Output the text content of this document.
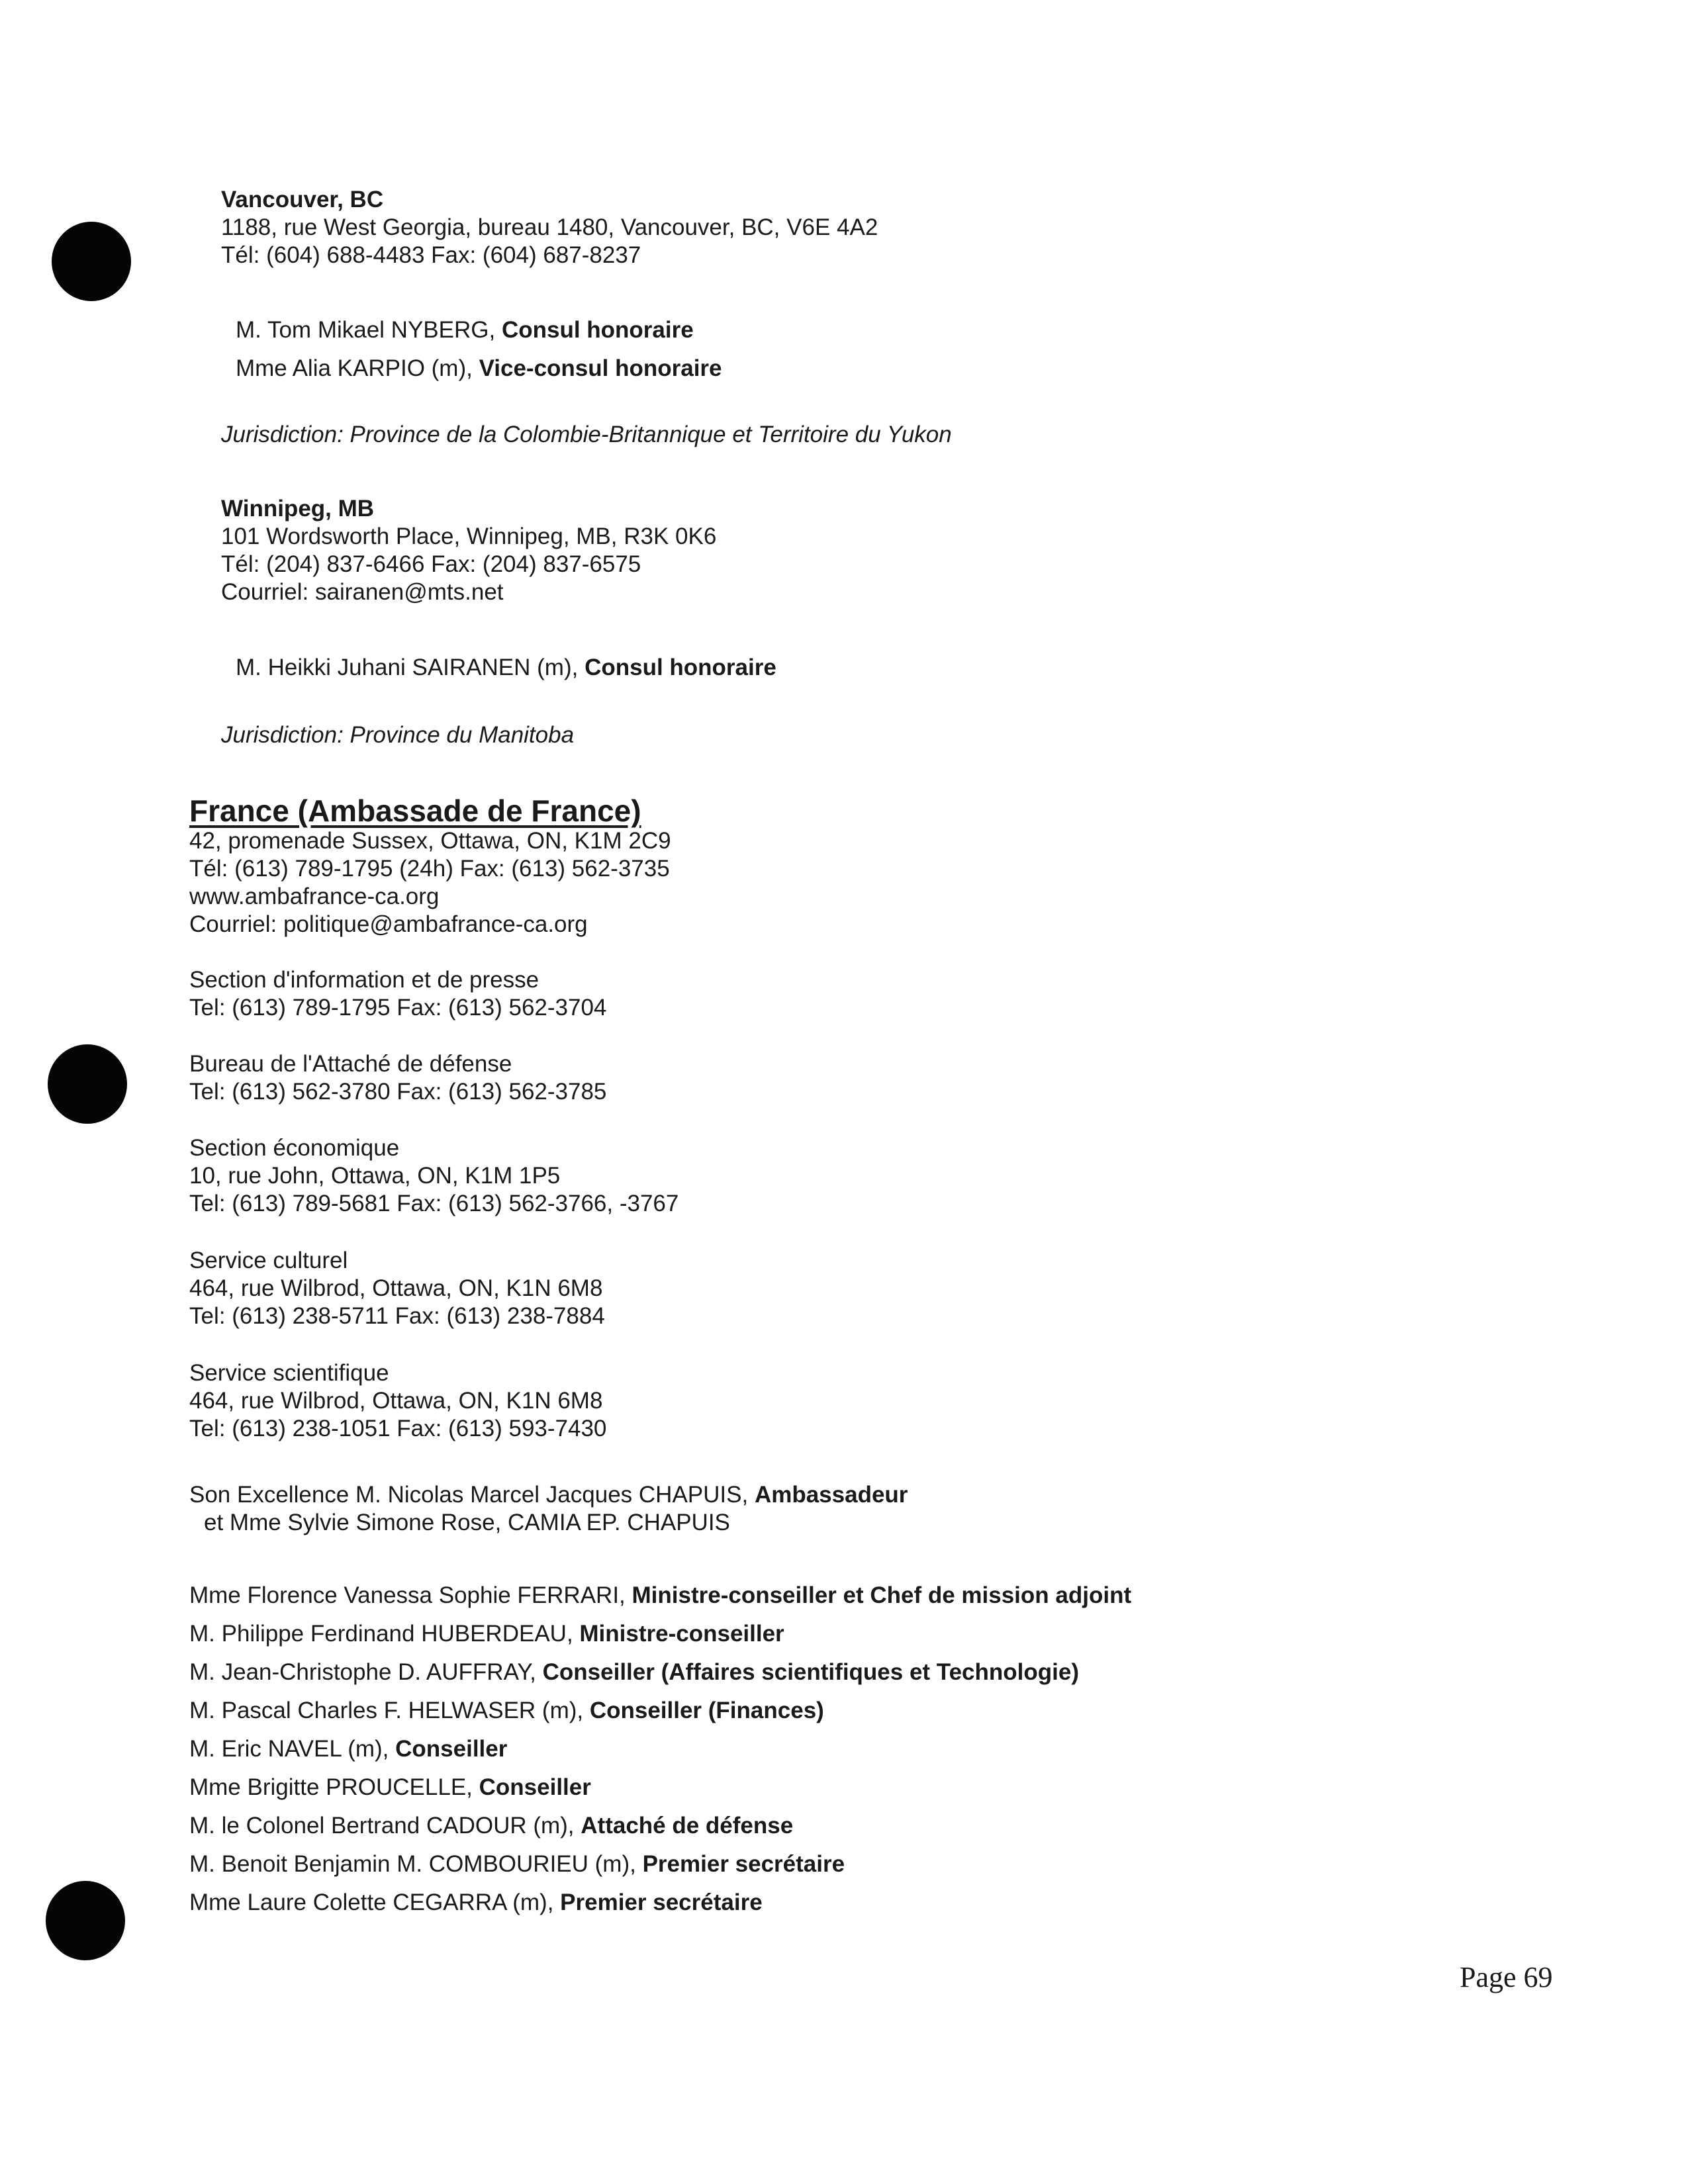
Vancouver, BC
1188, rue West Georgia, bureau 1480, Vancouver, BC, V6E 4A2
Tél: (604) 688-4483 Fax: (604) 687-8237
M. Tom Mikael NYBERG, Consul honoraire
Mme Alia KARPIO (m), Vice-consul honoraire
Jurisdiction: Province de la Colombie-Britannique et Territoire du Yukon
Winnipeg, MB
101 Wordsworth Place, Winnipeg, MB, R3K 0K6
Tél: (204) 837-6466 Fax: (204) 837-6575
Courriel: sairanen@mts.net
M. Heikki Juhani SAIRANEN (m), Consul honoraire
Jurisdiction: Province du Manitoba
France (Ambassade de France)
42, promenade Sussex, Ottawa, ON, K1M 2C9
Tél: (613) 789-1795 (24h) Fax: (613) 562-3735
www.ambafrance-ca.org
Courriel: politique@ambafrance-ca.org
Section d'information et de presse
Tel: (613) 789-1795 Fax: (613) 562-3704
Bureau de l'Attaché de défense
Tel: (613) 562-3780 Fax: (613) 562-3785
Section économique
10, rue John, Ottawa, ON, K1M 1P5
Tel: (613) 789-5681 Fax: (613) 562-3766, -3767
Service culturel
464, rue Wilbrod, Ottawa, ON, K1N 6M8
Tel: (613) 238-5711 Fax: (613) 238-7884
Service scientifique
464, rue Wilbrod, Ottawa, ON, K1N 6M8
Tel: (613) 238-1051 Fax: (613) 593-7430
Son Excellence M. Nicolas Marcel Jacques CHAPUIS, Ambassadeur
et Mme Sylvie Simone Rose, CAMIA EP. CHAPUIS
Mme Florence Vanessa Sophie FERRARI, Ministre-conseiller et Chef de mission adjoint
M. Philippe Ferdinand HUBERDEAU, Ministre-conseiller
M. Jean-Christophe D. AUFFRAY, Conseiller (Affaires scientifiques et Technologie)
M. Pascal Charles F. HELWASER (m), Conseiller (Finances)
M. Eric NAVEL (m), Conseiller
Mme Brigitte PROUCELLE, Conseiller
M. le Colonel Bertrand CADOUR (m), Attaché de défense
M. Benoit Benjamin M. COMBOURIEU (m), Premier secrétaire
Mme Laure Colette CEGARRA (m), Premier secrétaire
Page 69
